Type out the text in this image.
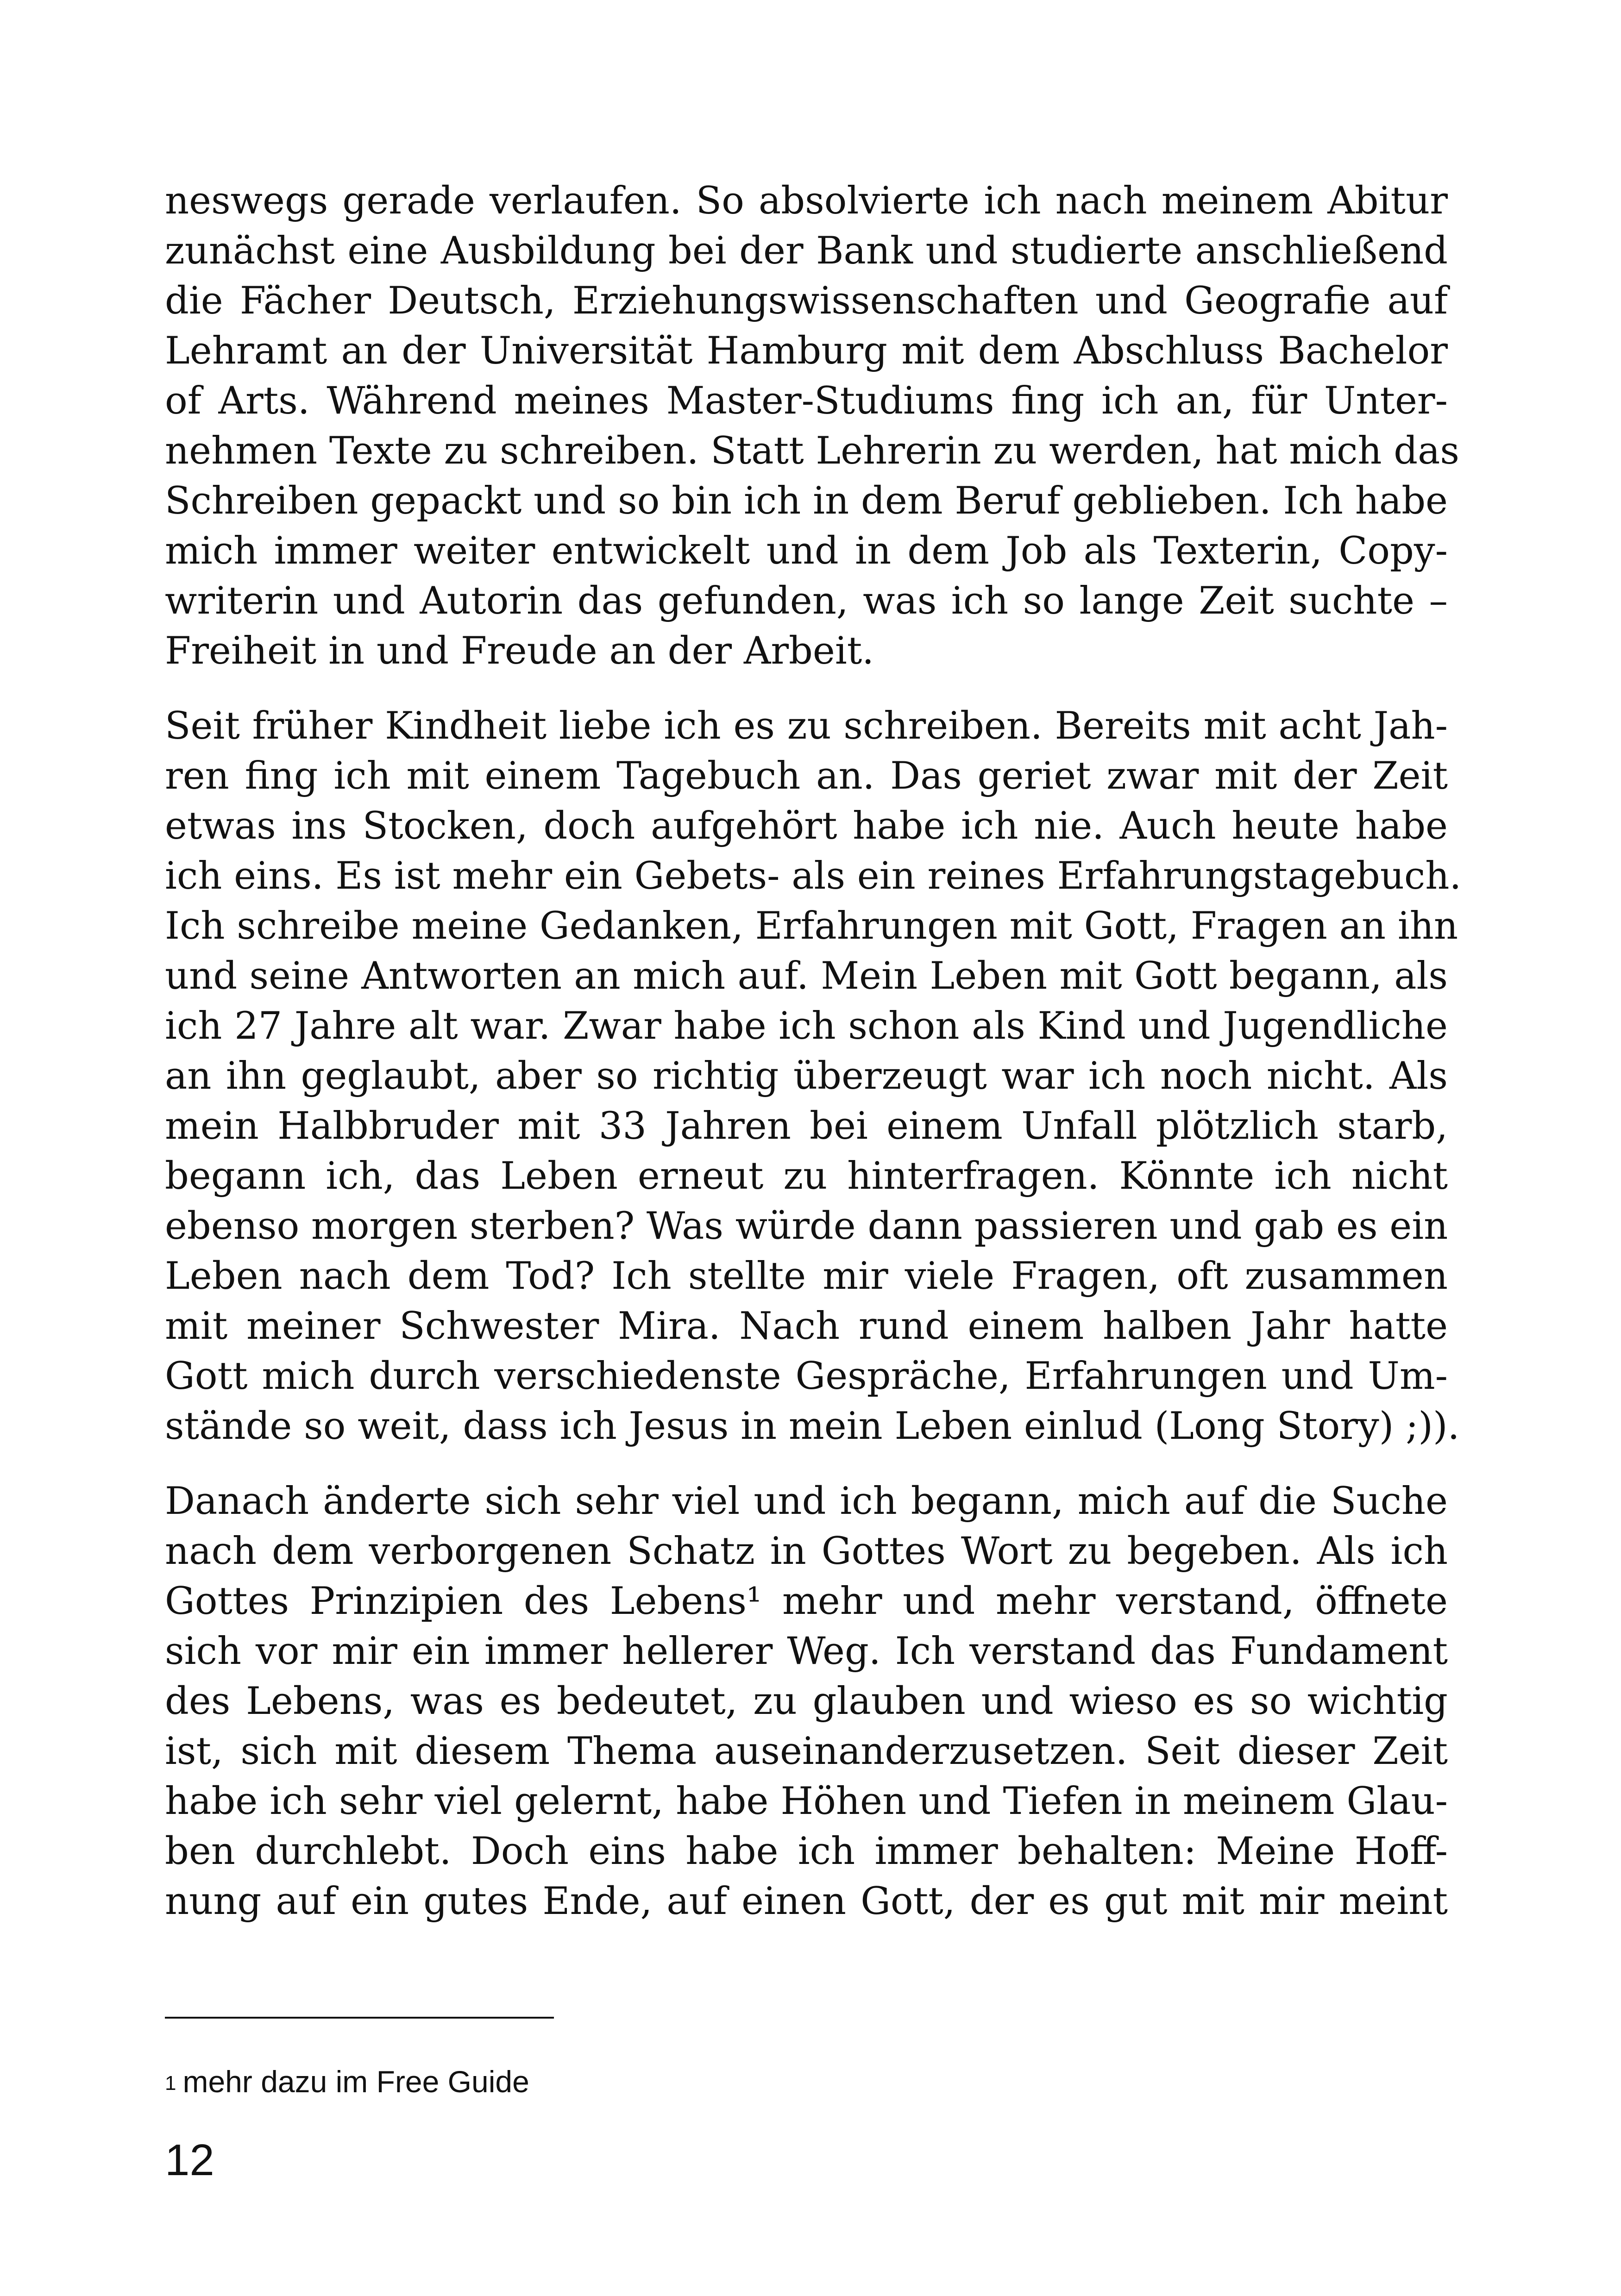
neswegs gerade verlaufen. So absolvierte ich nach meinem Abitur
zunächst eine Ausbildung bei der Bank und studierte anschließend
die Fächer Deutsch, Erziehungswissenschaften und Geografie auf
Lehramt an der Universität Hamburg mit dem Abschluss Bachelor
of Arts. Während meines Master-Studiums fing ich an, für Unter-
nehmen Texte zu schreiben. Statt Lehrerin zu werden, hat mich das
Schreiben gepackt und so bin ich in dem Beruf geblieben. Ich habe
mich immer weiter entwickelt und in dem Job als Texterin, Copy-
writerin und Autorin das gefunden, was ich so lange Zeit suchte –
Freiheit in und Freude an der Arbeit.
Seit früher Kindheit liebe ich es zu schreiben. Bereits mit acht Jah-
ren fing ich mit einem Tagebuch an. Das geriet zwar mit der Zeit
etwas ins Stocken, doch aufgehört habe ich nie. Auch heute habe
ich eins. Es ist mehr ein Gebets- als ein reines Erfahrungstagebuch.
Ich schreibe meine Gedanken, Erfahrungen mit Gott, Fragen an ihn
und seine Antworten an mich auf. Mein Leben mit Gott begann, als
ich 27 Jahre alt war. Zwar habe ich schon als Kind und Jugendliche
an ihn geglaubt, aber so richtig überzeugt war ich noch nicht. Als
mein Halbbruder mit 33 Jahren bei einem Unfall plötzlich starb,
begann ich, das Leben erneut zu hinterfragen. Könnte ich nicht
ebenso morgen sterben? Was würde dann passieren und gab es ein
Leben nach dem Tod? Ich stellte mir viele Fragen, oft zusammen
mit meiner Schwester Mira. Nach rund einem halben Jahr hatte
Gott mich durch verschiedenste Gespräche, Erfahrungen und Um-
stände so weit, dass ich Jesus in mein Leben einlud (Long Story) ;)).
Danach änderte sich sehr viel und ich begann, mich auf die Suche
nach dem verborgenen Schatz in Gottes Wort zu begeben. Als ich
Gottes Prinzipien des Lebens¹ mehr und mehr verstand, öffnete
sich vor mir ein immer hellerer Weg. Ich verstand das Fundament
des Lebens, was es bedeutet, zu glauben und wieso es so wichtig
ist, sich mit diesem Thema auseinanderzusetzen. Seit dieser Zeit
habe ich sehr viel gelernt, habe Höhen und Tiefen in meinem Glau-
ben durchlebt. Doch eins habe ich immer behalten: Meine Hoff-
nung auf ein gutes Ende, auf einen Gott, der es gut mit mir meint
$^1$ mehr dazu im Free Guide
12
